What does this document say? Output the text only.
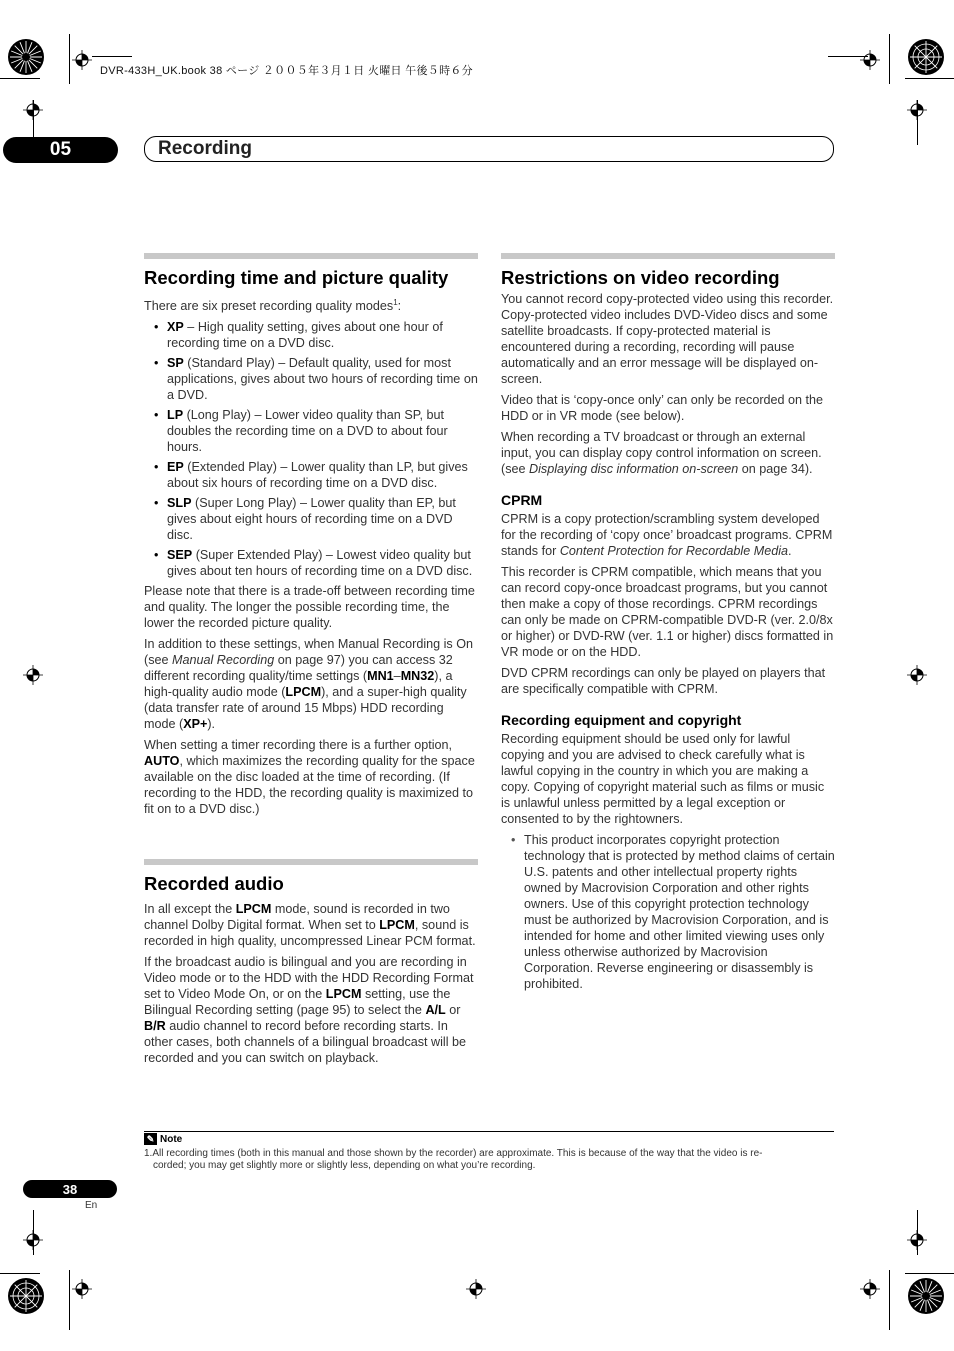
DVR-433H_UK.book 38 ページ ２００５年３月１日 火曜日 午後５時６分
05	Recording
Recording time and picture quality

There are six preset recording quality modes$^1$:

• XP – High quality setting, gives about one hour of recording time on a DVD disc.
• SP (Standard Play) – Default quality, used for most applications, gives about two hours of recording time on a DVD.
• LP (Long Play) – Lower video quality than SP, but doubles the recording time on a DVD to about four hours.
• EP (Extended Play) – Lower quality than LP, but gives about six hours of recording time on a DVD disc.
• SLP (Super Long Play) – Lower quality than EP, but gives about eight hours of recording time on a DVD disc.
• SEP (Super Extended Play) – Lowest video quality but gives about ten hours of recording time on a DVD disc.

Please note that there is a trade-off between recording time and quality. The longer the possible recording time, the lower the recorded picture quality.

In addition to these settings, when Manual Recording is On (see Manual Recording on page 97) you can access 32 different recording quality/time settings (MN1–MN32), a high-quality audio mode (LPCM), and a super-high quality (data transfer rate of around 15 Mbps) HDD recording mode (XP+).

When setting a timer recording there is a further option, AUTO, which maximizes the recording quality for the space available on the disc loaded at the time of recording. (If recording to the HDD, the recording quality is maximized to fit on to a DVD disc.)

Recorded audio

In all except the LPCM mode, sound is recorded in two channel Dolby Digital format. When set to LPCM, sound is recorded in high quality, uncompressed Linear PCM format.

If the broadcast audio is bilingual and you are recording in Video mode or to the HDD with the HDD Recording Format set to Video Mode On, or on the LPCM setting, use the Bilingual Recording setting (page 95) to select the A/L or B/R audio channel to record before recording starts. In other cases, both channels of a bilingual broadcast will be recorded and you can switch on playback.

Restrictions on video recording

You cannot record copy-protected video using this recorder. Copy-protected video includes DVD-Video discs and some satellite broadcasts. If copy-protected material is encountered during a recording, recording will pause automatically and an error message will be displayed on-screen.

Video that is ‘copy-once only’ can only be recorded on the HDD or in VR mode (see below).

When recording a TV broadcast or through an external input, you can display copy control information on screen. (see Displaying disc information on-screen on page 34).

CPRM

CPRM is a copy protection/scrambling system developed for the recording of ‘copy once’ broadcast programs. CPRM stands for Content Protection for Recordable Media.

This recorder is CPRM compatible, which means that you can record copy-once broadcast programs, but you cannot then make a copy of those recordings. CPRM recordings can only be made on CPRM-compatible DVD-R (ver. 2.0/8x or higher) or DVD-RW (ver. 1.1 or higher) discs formatted in VR mode or on the HDD.

DVD CPRM recordings can only be played on players that are specifically compatible with CPRM.

Recording equipment and copyright

Recording equipment should be used only for lawful copying and you are advised to check carefully what is lawful copying in the country in which you are making a copy. Copying of copyright material such as films or music is unlawful unless permitted by a legal exception or consented to by the rightowners.

• This product incorporates copyright protection technology that is protected by method claims of certain U.S. patents and other intellectual property rights owned by Macrovision Corporation and other rights owners. Use of this copyright protection technology must be authorized by Macrovision Corporation, and is intended for home and other limited viewing uses only unless otherwise authorized by Macrovision Corporation. Reverse engineering or disassembly is prohibited.
✎ Note
1.All recording times (both in this manual and those shown by the recorder) are approximate. This is because of the way that the video is re-
corded; you may get slightly more or slightly less, depending on what you’re recording.
38
En
